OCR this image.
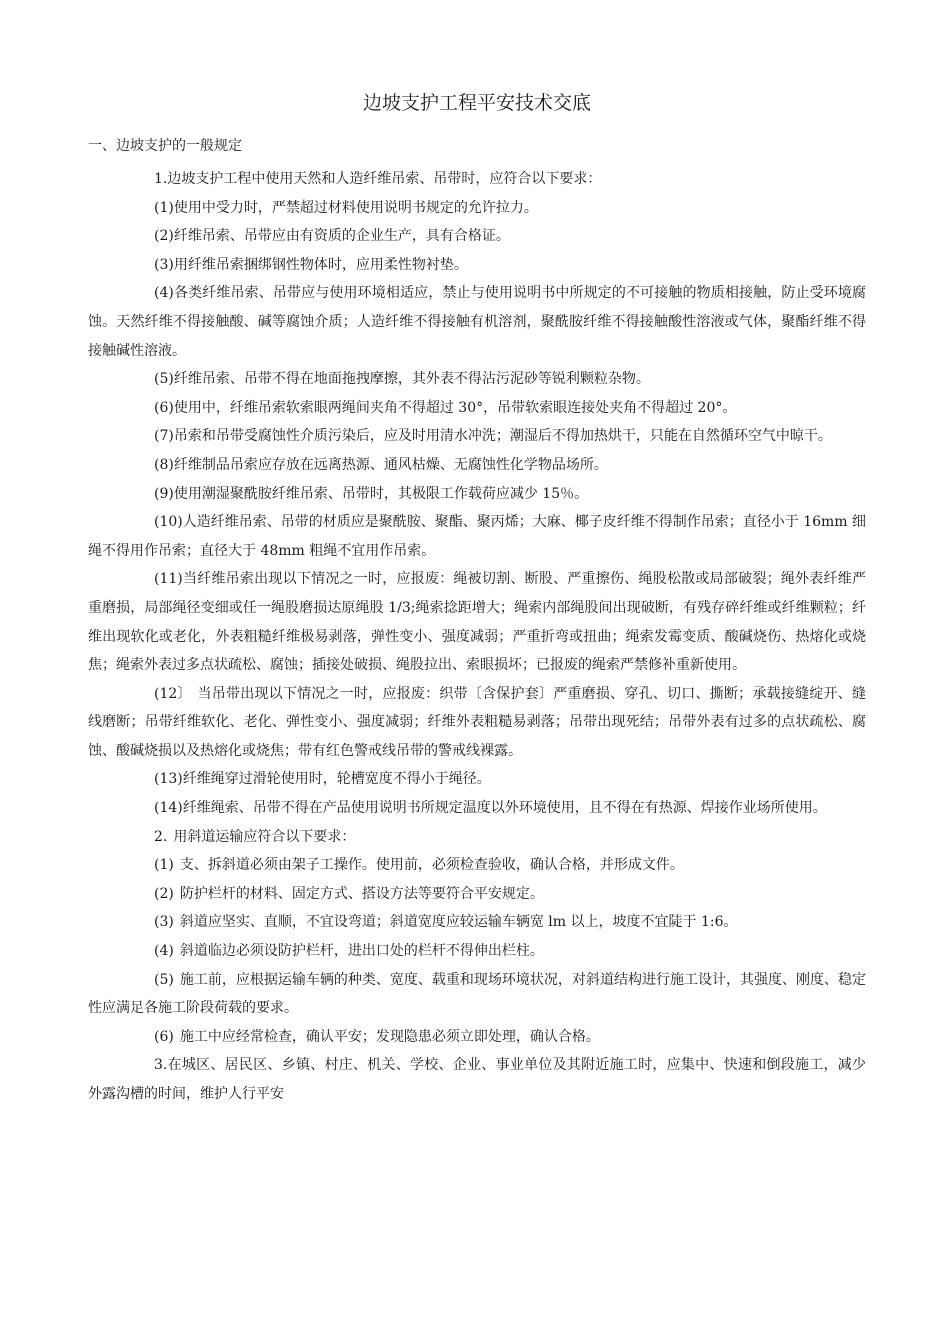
边坡支护工程平安技术交底
一、边坡支护的一般规定

1.边坡支护工程中使用天然和人造纤维吊索、吊带时，应符合以下要求：

(1)使用中受力时，严禁超过材料使用说明书规定的允许拉力。

(2)纤维吊索、吊带应由有资质的企业生产，具有合格证。

(3)用纤维吊索捆绑钢性物体时，应用柔性物衬垫。

(4)各类纤维吊索、吊带应与使用环境相适应，禁止与使用说明书中所规定的不可接触的物质相接触，防止受环境腐蚀。天然纤维不得接触酸、碱等腐蚀介质；人造纤维不得接触有机溶剂，聚酰胺纤维不得接触酸性溶液或气体，聚酯纤维不得接触碱性溶液。

(5)纤维吊索、吊带不得在地面拖拽摩擦，其外表不得沾污泥砂等锐利颗粒杂物。

(6)使用中，纤维吊索软索眼两绳间夹角不得超过 30°，吊带软索眼连接处夹角不得超过 20°。

(7)吊索和吊带受腐蚀性介质污染后，应及时用清水冲洗；潮湿后不得加热烘干，只能在自然循环空气中晾干。

(8)纤维制品吊索应存放在远离热源、通风枯燥、无腐蚀性化学物品场所。

(9)使用潮湿聚酰胺纤维吊索、吊带时，其极限工作载荷应减少 15％。

(10)人造纤维吊索、吊带的材质应是聚酰胺、聚酯、聚丙烯；大麻、椰子皮纤维不得制作吊索；直径小于 16mm 细绳不得用作吊索；直径大于 48mm 粗绳不宜用作吊索。

(11)当纤维吊索出现以下情况之一时，应报废：绳被切割、断股、严重擦伤、绳股松散或局部破裂；绳外表纤维严重磨损，局部绳径变细或任一绳股磨损达原绳股 1/3;绳索捻距增大；绳索内部绳股间出现破断，有残存碎纤维或纤维颗粒；纤维出现软化或老化，外表粗糙纤维极易剥落，弹性变小、强度减弱；严重折弯或扭曲；绳索发霉变质、酸碱烧伤、热熔化或烧焦；绳索外表过多点状疏松、腐蚀；插接处破损、绳股拉出、索眼损坏；已报废的绳索严禁修补重新使用。

(12〕 当吊带出现以下情况之一时，应报废：织带〔含保护套〕严重磨损、穿孔、切口、撕断；承载接缝绽开、缝线磨断；吊带纤维软化、老化、弹性变小、强度减弱；纤维外表粗糙易剥落；吊带出现死结；吊带外表有过多的点状疏松、腐蚀、酸碱烧损以及热熔化或烧焦；带有红色警戒线吊带的警戒线裸露。

(13)纤维绳穿过滑轮使用时，轮槽宽度不得小于绳径。

(14)纤维绳索、吊带不得在产品使用说明书所规定温度以外环境使用，且不得在有热源、焊接作业场所使用。

2. 用斜道运输应符合以下要求：

(1) 支、拆斜道必须由架子工操作。使用前，必须检查验收，确认合格，并形成文件。

(2) 防护栏杆的材料、固定方式、搭设方法等要符合平安规定。

(3) 斜道应坚实、直顺，不宜设弯道；斜道宽度应较运输车辆宽 lm 以上，坡度不宜陡于 1:6。

(4) 斜道临边必须设防护栏杆，进出口处的栏杆不得伸出栏柱。

(5) 施工前，应根据运输车辆的种类、宽度、载重和现场环境状况，对斜道结构进行施工设计，其强度、刚度、稳定性应满足各施工阶段荷载的要求。

(6) 施工中应经常检查，确认平安；发现隐患必须立即处理，确认合格。

3.在城区、居民区、乡镇、村庄、机关、学校、企业、事业单位及其附近施工时，应集中、快速和倒段施工，减少外露沟槽的时间，维护人行平安
